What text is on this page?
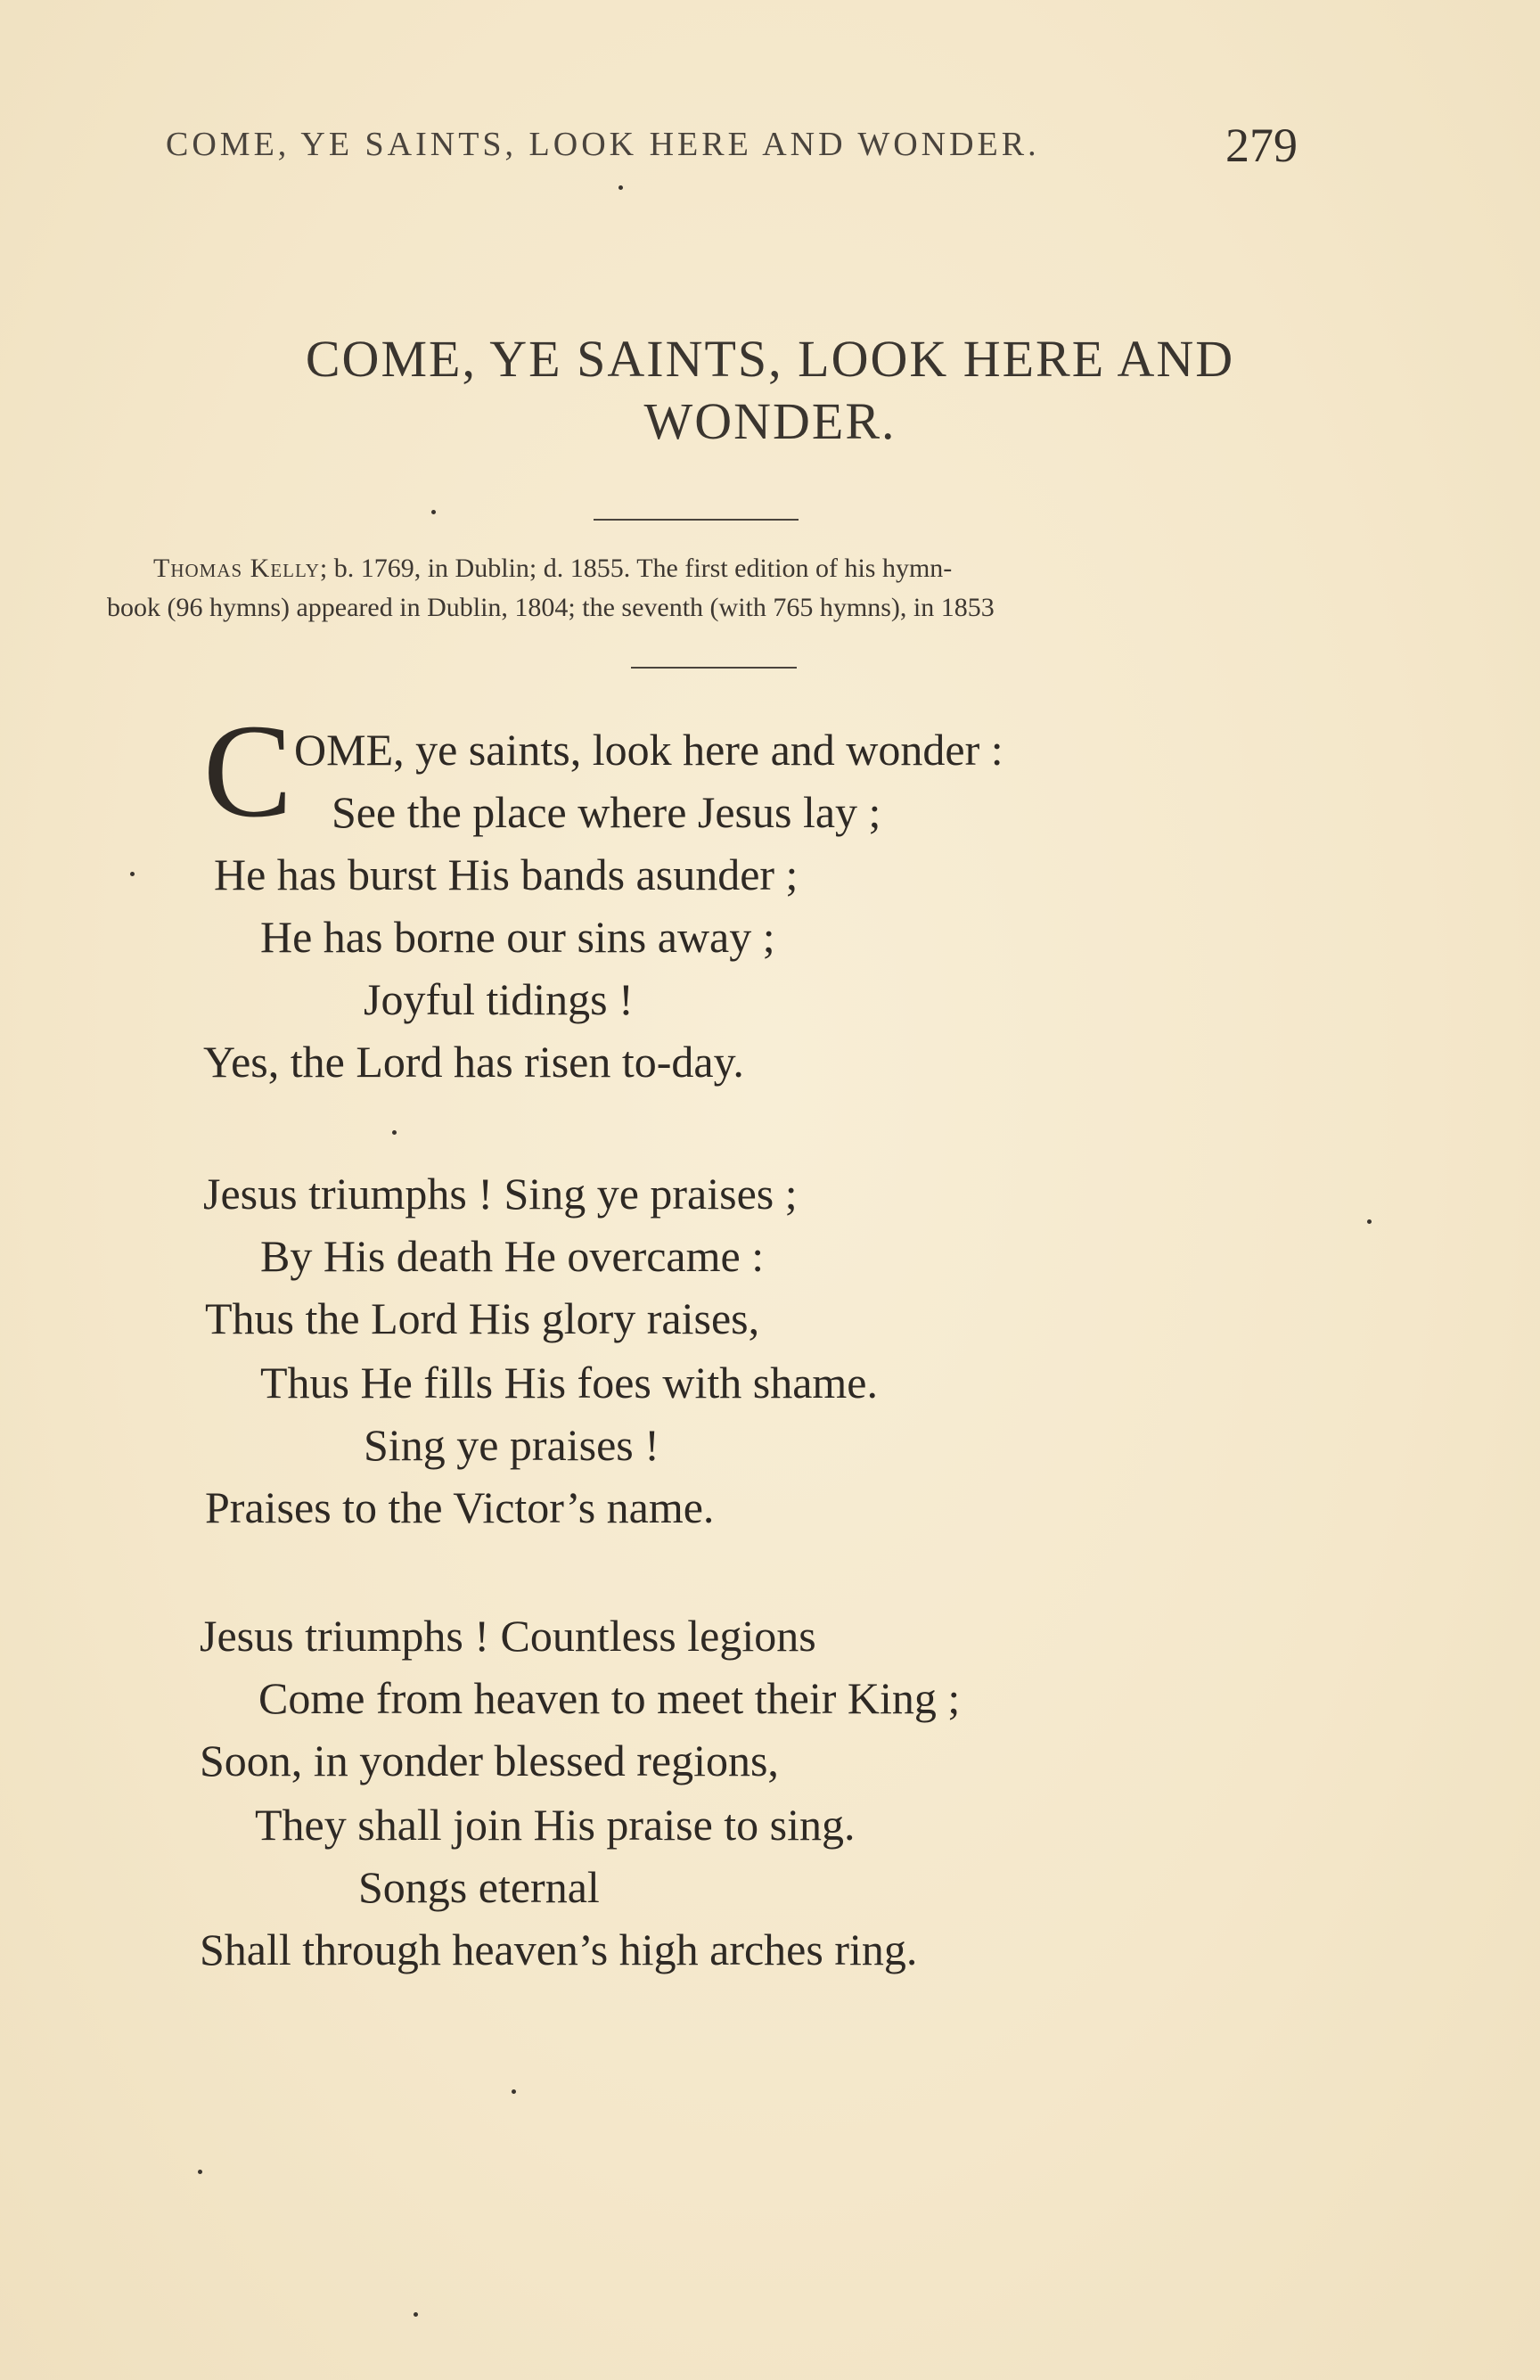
COME, YE SAINTS, LOOK HERE AND WONDER.	279
COME, YE SAINTS, LOOK HERE AND
WONDER.
Thomas Kelly; b. 1769, in Dublin; d. 1855. The first edition of his hymn-
book (96 hymns) appeared in Dublin, 1804; the seventh (with 765 hymns), in 1853
C OME, ye saints, look here and wonder :
See the place where Jesus lay ;
He has burst His bands asunder ;
He has borne our sins away ;
Joyful tidings !
Yes, the Lord has risen to-day.
Jesus triumphs ! Sing ye praises ;
By His death He overcame :
Thus the Lord His glory raises,
Thus He fills His foes with shame.
Sing ye praises !
Praises to the Victor’s name.
Jesus triumphs ! Countless legions
Come from heaven to meet their King ;
Soon, in yonder blessed regions,
They shall join His praise to sing.
Songs eternal
Shall through heaven’s high arches ring.
